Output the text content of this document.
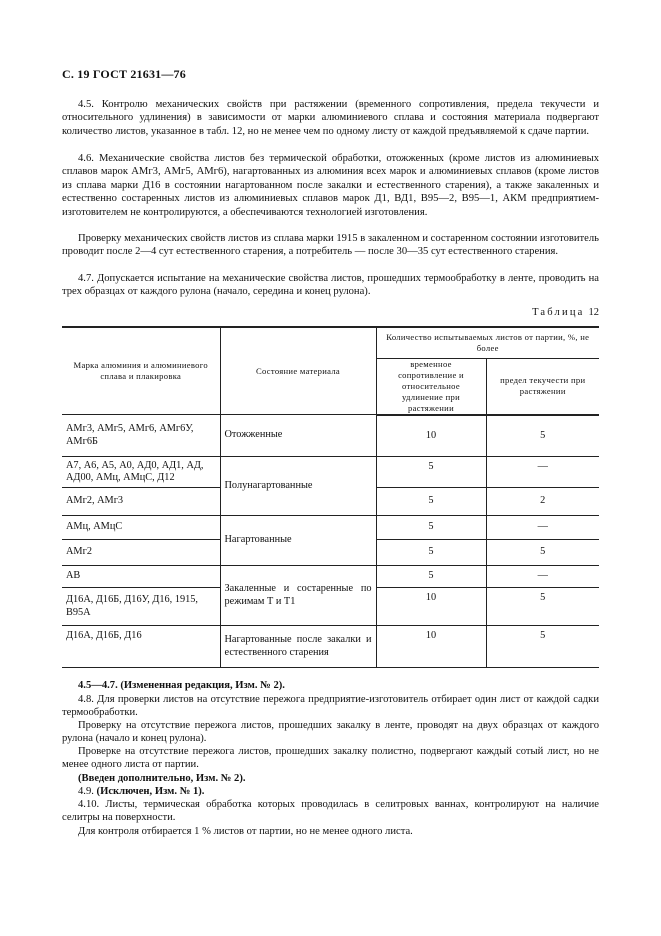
С. 19 ГОСТ 21631—76

4.5. Контролю механических свойств при растяжении (временного сопротивления, предела текучести и относительного удлинения) в зависимости от марки алюминиевого сплава и состояния материала подвергают количество листов, указанное в табл. 12, но не менее чем по одному листу от каждой предъявляемой к сдаче партии.

4.6. Механические свойства листов без термической обработки, отожженных (кроме листов из алюминиевых сплавов марок АМг3, АМг5, АМг6), нагартованных из алюминия всех марок и алюминиевых сплавов (кроме листов из сплава марки Д16 в состоянии нагартованном после закалки и естественного старения), а также закаленных и естественно состаренных листов из алюминиевых сплавов марок Д1, ВД1, В95—2, В95—1, АКМ предприятием-изготовителем не контролируются, а обеспечиваются технологией изготовления.

Проверку механических свойств листов из сплава марки 1915 в закаленном и состаренном состоянии изготовитель проводит после 2—4 сут естественного старения, а потребитель — после 30—35 сут естественного старения.

4.7. Допускается испытание на механические свойства листов, прошедших термообработку в ленте, проводить на трех образцах от каждого рулона (начало, середина и конец рулона).

Таблица 12
Марка алюминия и алюминиевого сплава и плакировка	Состояние материала	Количество испытываемых листов от партии, %, не более	
		временное сопротивление и относительное удлинение при растяжении	предел текучести при растяжении
АМг3, АМг5, АМг6, АМг6У, АМг6Б	Отожженные	10	5
А7, А6, А5, А0, АД0, АД1, АД, АД00, АМц, АМцС, Д12	Полунагартованные	5	—
АМг2, АМг3		5	2
АМц, АМцС	Нагартованные	5	—
АМг2		5	5
АВ	Закаленные и состаренные по режимам Т и Т1	5	—
Д16А, Д16Б, Д16У, Д16, 1915, В95А		10	5
Д16А, Д16Б, Д16	Нагартованные после закалки и естественного старения	10	5

4.5—4.7. (Измененная редакция, Изм. № 2).

4.8. Для проверки листов на отсутствие пережога предприятие-изготовитель отбирает один лист от каждой садки термообработки.

Проверку на отсутствие пережога листов, прошедших закалку в ленте, проводят на двух образцах от каждого рулона (начало и конец рулона).

Проверке на отсутствие пережога листов, прошедших закалку полистно, подвергают каждый сотый лист, но не менее одного листа от партии.

(Введен дополнительно, Изм. № 2).

4.9. (Исключен, Изм. № 1).

4.10. Листы, термическая обработка которых проводилась в селитровых ваннах, контролируют на наличие селитры на поверхности.

Для контроля отбирается 1 % листов от партии, но не менее одного листа.
